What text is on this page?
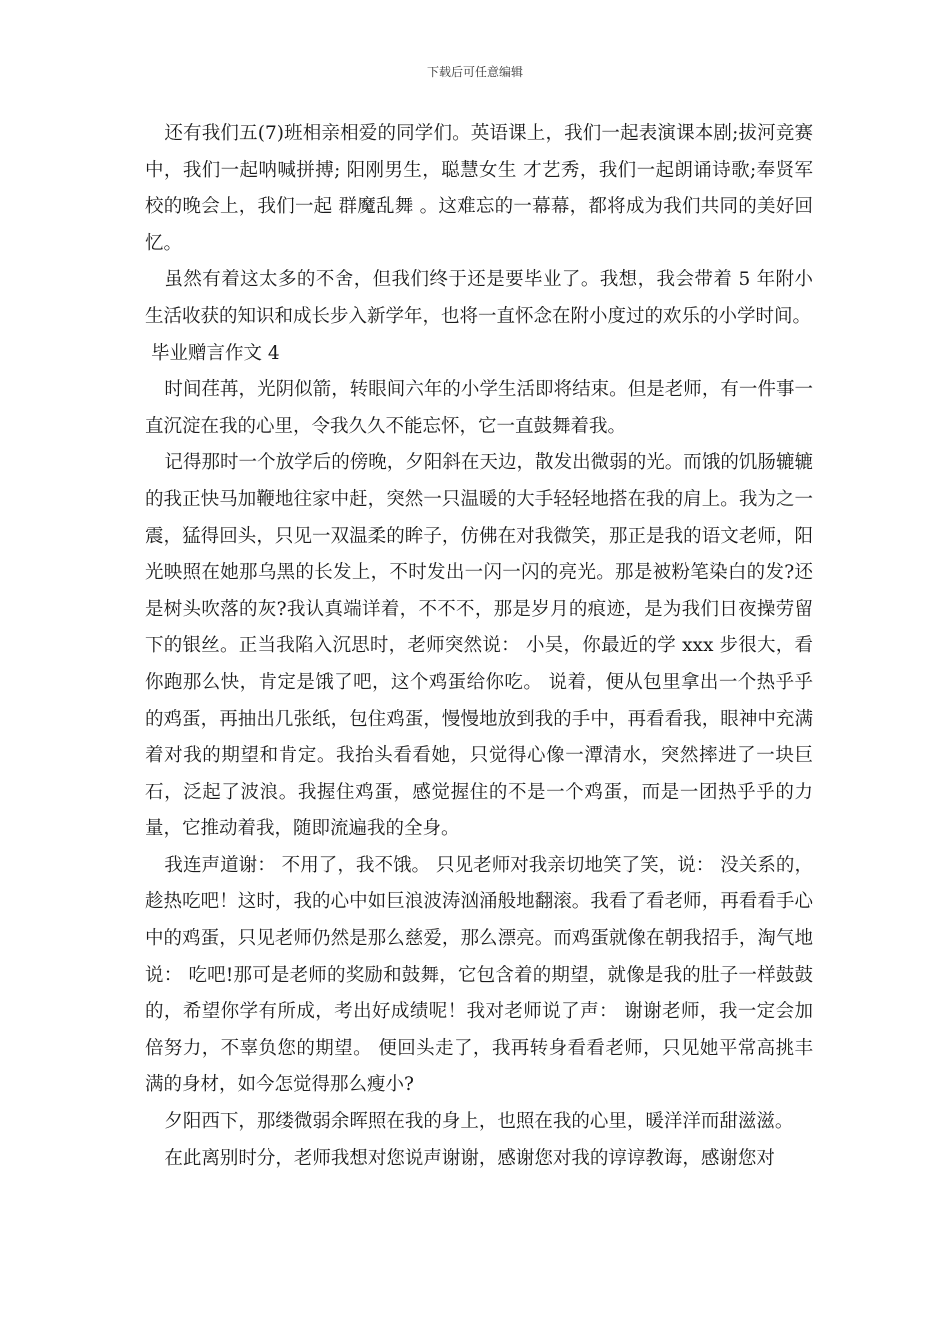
下载后可任意编辑

还有我们五(7)班相亲相爱的同学们。英语课上，我们一起表演课本剧;拔河竞赛中，我们一起呐喊拼搏; 阳刚男生，聪慧女生 才艺秀，我们一起朗诵诗歌;奉贤军校的晚会上，我们一起 群魔乱舞 。这难忘的一幕幕，都将成为我们共同的美好回忆。

虽然有着这太多的不舍，但我们终于还是要毕业了。我想，我会带着 5 年附小生活收获的知识和成长步入新学年，也将一直怀念在附小度过的欢乐的小学时间。

毕业赠言作文 4

时间荏苒，光阴似箭，转眼间六年的小学生活即将结束。但是老师，有一件事一直沉淀在我的心里，令我久久不能忘怀，它一直鼓舞着我。

记得那时一个放学后的傍晚，夕阳斜在天边，散发出微弱的光。而饿的饥肠辘辘的我正快马加鞭地往家中赶，突然一只温暖的大手轻轻地搭在我的肩上。我为之一震，猛得回头，只见一双温柔的眸子，仿佛在对我微笑，那正是我的语文老师，阳光映照在她那乌黑的长发上，不时发出一闪一闪的亮光。那是被粉笔染白的发?还是树头吹落的灰?我认真端详着，不不不，那是岁月的痕迹，是为我们日夜操劳留下的银丝。正当我陷入沉思时，老师突然说： 小吴，你最近的学 xxx 步很大，看你跑那么快，肯定是饿了吧，这个鸡蛋给你吃。 说着，便从包里拿出一个热乎乎的鸡蛋，再抽出几张纸，包住鸡蛋，慢慢地放到我的手中，再看看我，眼神中充满着对我的期望和肯定。我抬头看看她，只觉得心像一潭清水，突然摔进了一块巨石，泛起了波浪。我握住鸡蛋，感觉握住的不是一个鸡蛋，而是一团热乎乎的力量，它推动着我，随即流遍我的全身。

我连声道谢： 不用了，我不饿。 只见老师对我亲切地笑了笑，说： 没关系的，趁热吃吧！这时，我的心中如巨浪波涛汹涌般地翻滚。我看了看老师，再看看手心中的鸡蛋，只见老师仍然是那么慈爱，那么漂亮。而鸡蛋就像在朝我招手，淘气地说： 吃吧!那可是老师的奖励和鼓舞，它包含着的期望，就像是我的肚子一样鼓鼓的，希望你学有所成，考出好成绩呢！我对老师说了声： 谢谢老师，我一定会加倍努力，不辜负您的期望。 便回头走了，我再转身看看老师，只见她平常高挑丰满的身材，如今怎觉得那么瘦小?

夕阳西下，那缕微弱余晖照在我的身上，也照在我的心里，暖洋洋而甜滋滋。

在此离别时分，老师我想对您说声谢谢，感谢您对我的谆谆教诲，感谢您对
